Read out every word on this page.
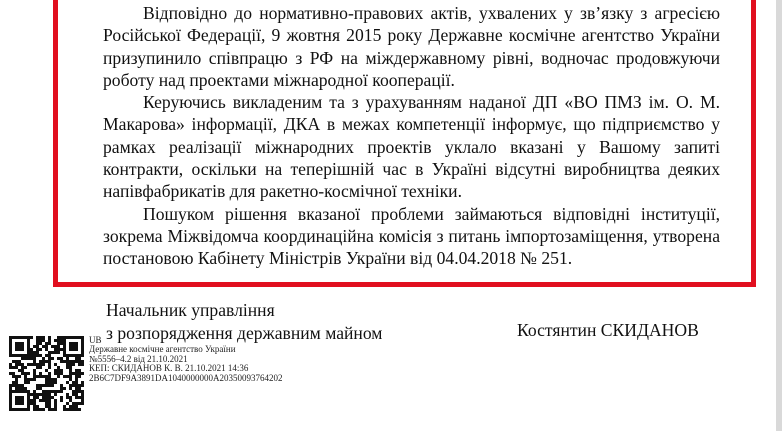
Відповідно до нормативно-правових актів, ухвалених у зв’язку з агресією Російської Федерації, 9 жовтня 2015 року Державне космічне агентство України призупинило співпрацю з РФ на міждержавному рівні, водночас продовжуючи роботу над проектами міжнародної кооперації.

Керуючись викладеним та з урахуванням наданої ДП «ВО ПМЗ ім. О. М. Макарова» інформації, ДКА в межах компетенції інформує, що підприємство у рамках реалізації міжнародних проектів уклало вказані у Вашому запиті контракти, оскільки на теперішній час в Україні відсутні виробництва деяких напівфабрикатів для ракетно-космічної техніки.

Пошуком рішення вказаної проблеми займаються відповідні інституції, зокрема Міжвідомча координаційна комісія з питань імпортозаміщення, утворена постановою Кабінету Міністрів України від 04.04.2018 № 251.

Начальник управління
з розпорядження державним майном	Костянтин СКИДАНОВ
UB
Державне космічне агентство України
№5556–4.2 від 21.10.2021
КЕП: СКИДАНОВ К. В. 21.10.2021 14:36
2B6C7DF9A3891DA1040000000A20350093764202
